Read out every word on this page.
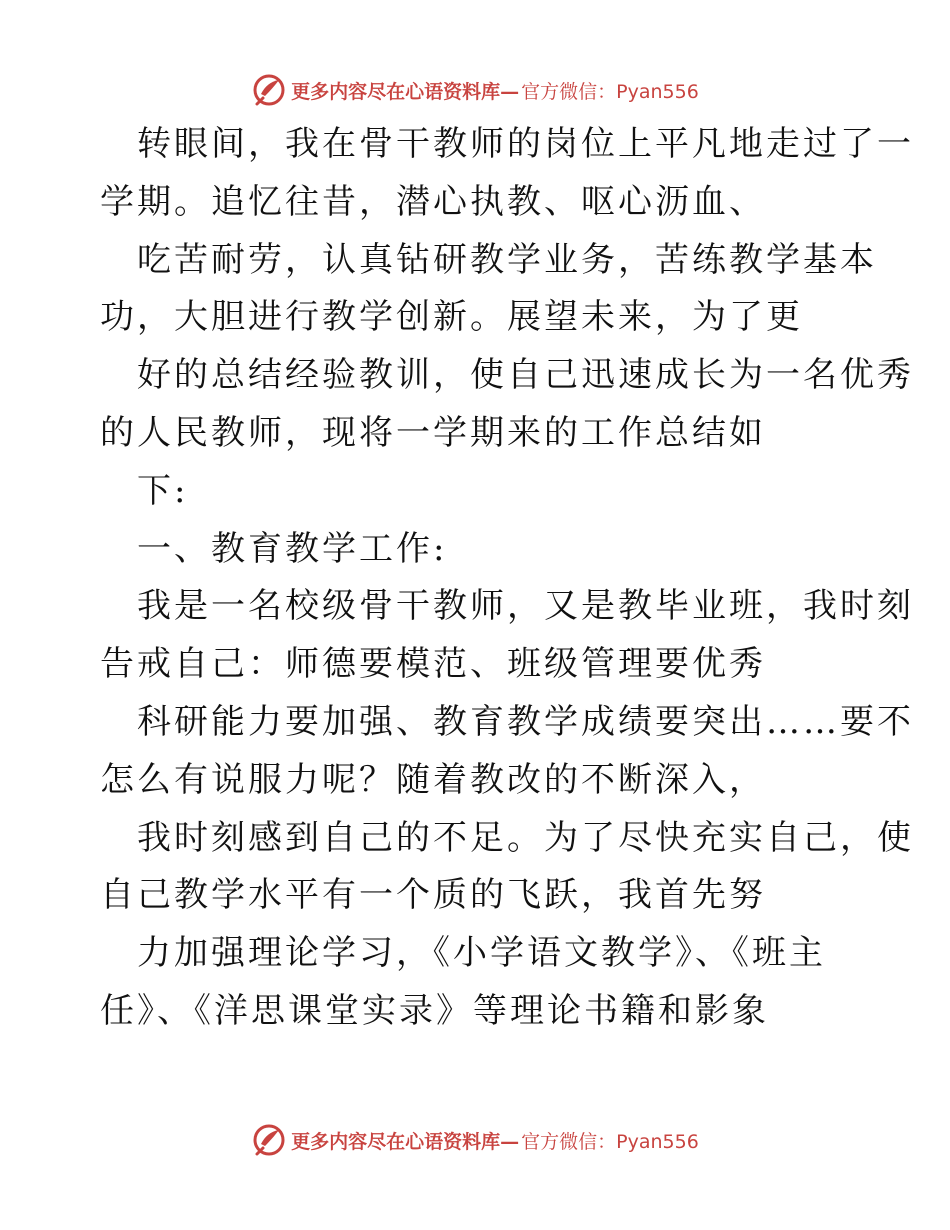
更多内容尽在心语资料库— 官方微信：Pyan556
转眼间，我在骨干教师的岗位上平凡地走过了一
学期。追忆往昔，潜心执教、呕心沥血、
吃苦耐劳，认真钻研教学业务，苦练教学基本
功，大胆进行教学创新。展望未来，为了更
好的总结经验教训，使自己迅速成长为一名优秀
的人民教师，现将一学期来的工作总结如
下:
一、教育教学工作:
我是一名校级骨干教师，又是教毕业班，我时刻
告戒自己：师德要模范、班级管理要优秀
科研能力要加强、教育教学成绩要突出……要不
怎么有说服力呢？随着教改的不断深入，
我时刻感到自己的不足。为了尽快充实自己，使
自己教学水平有一个质的飞跃，我首先努
力加强理论学习，《小学语文教学》、《班主
任》、《洋思课堂实录》等理论书籍和影象
更多内容尽在心语资料库— 官方微信：Pyan556
